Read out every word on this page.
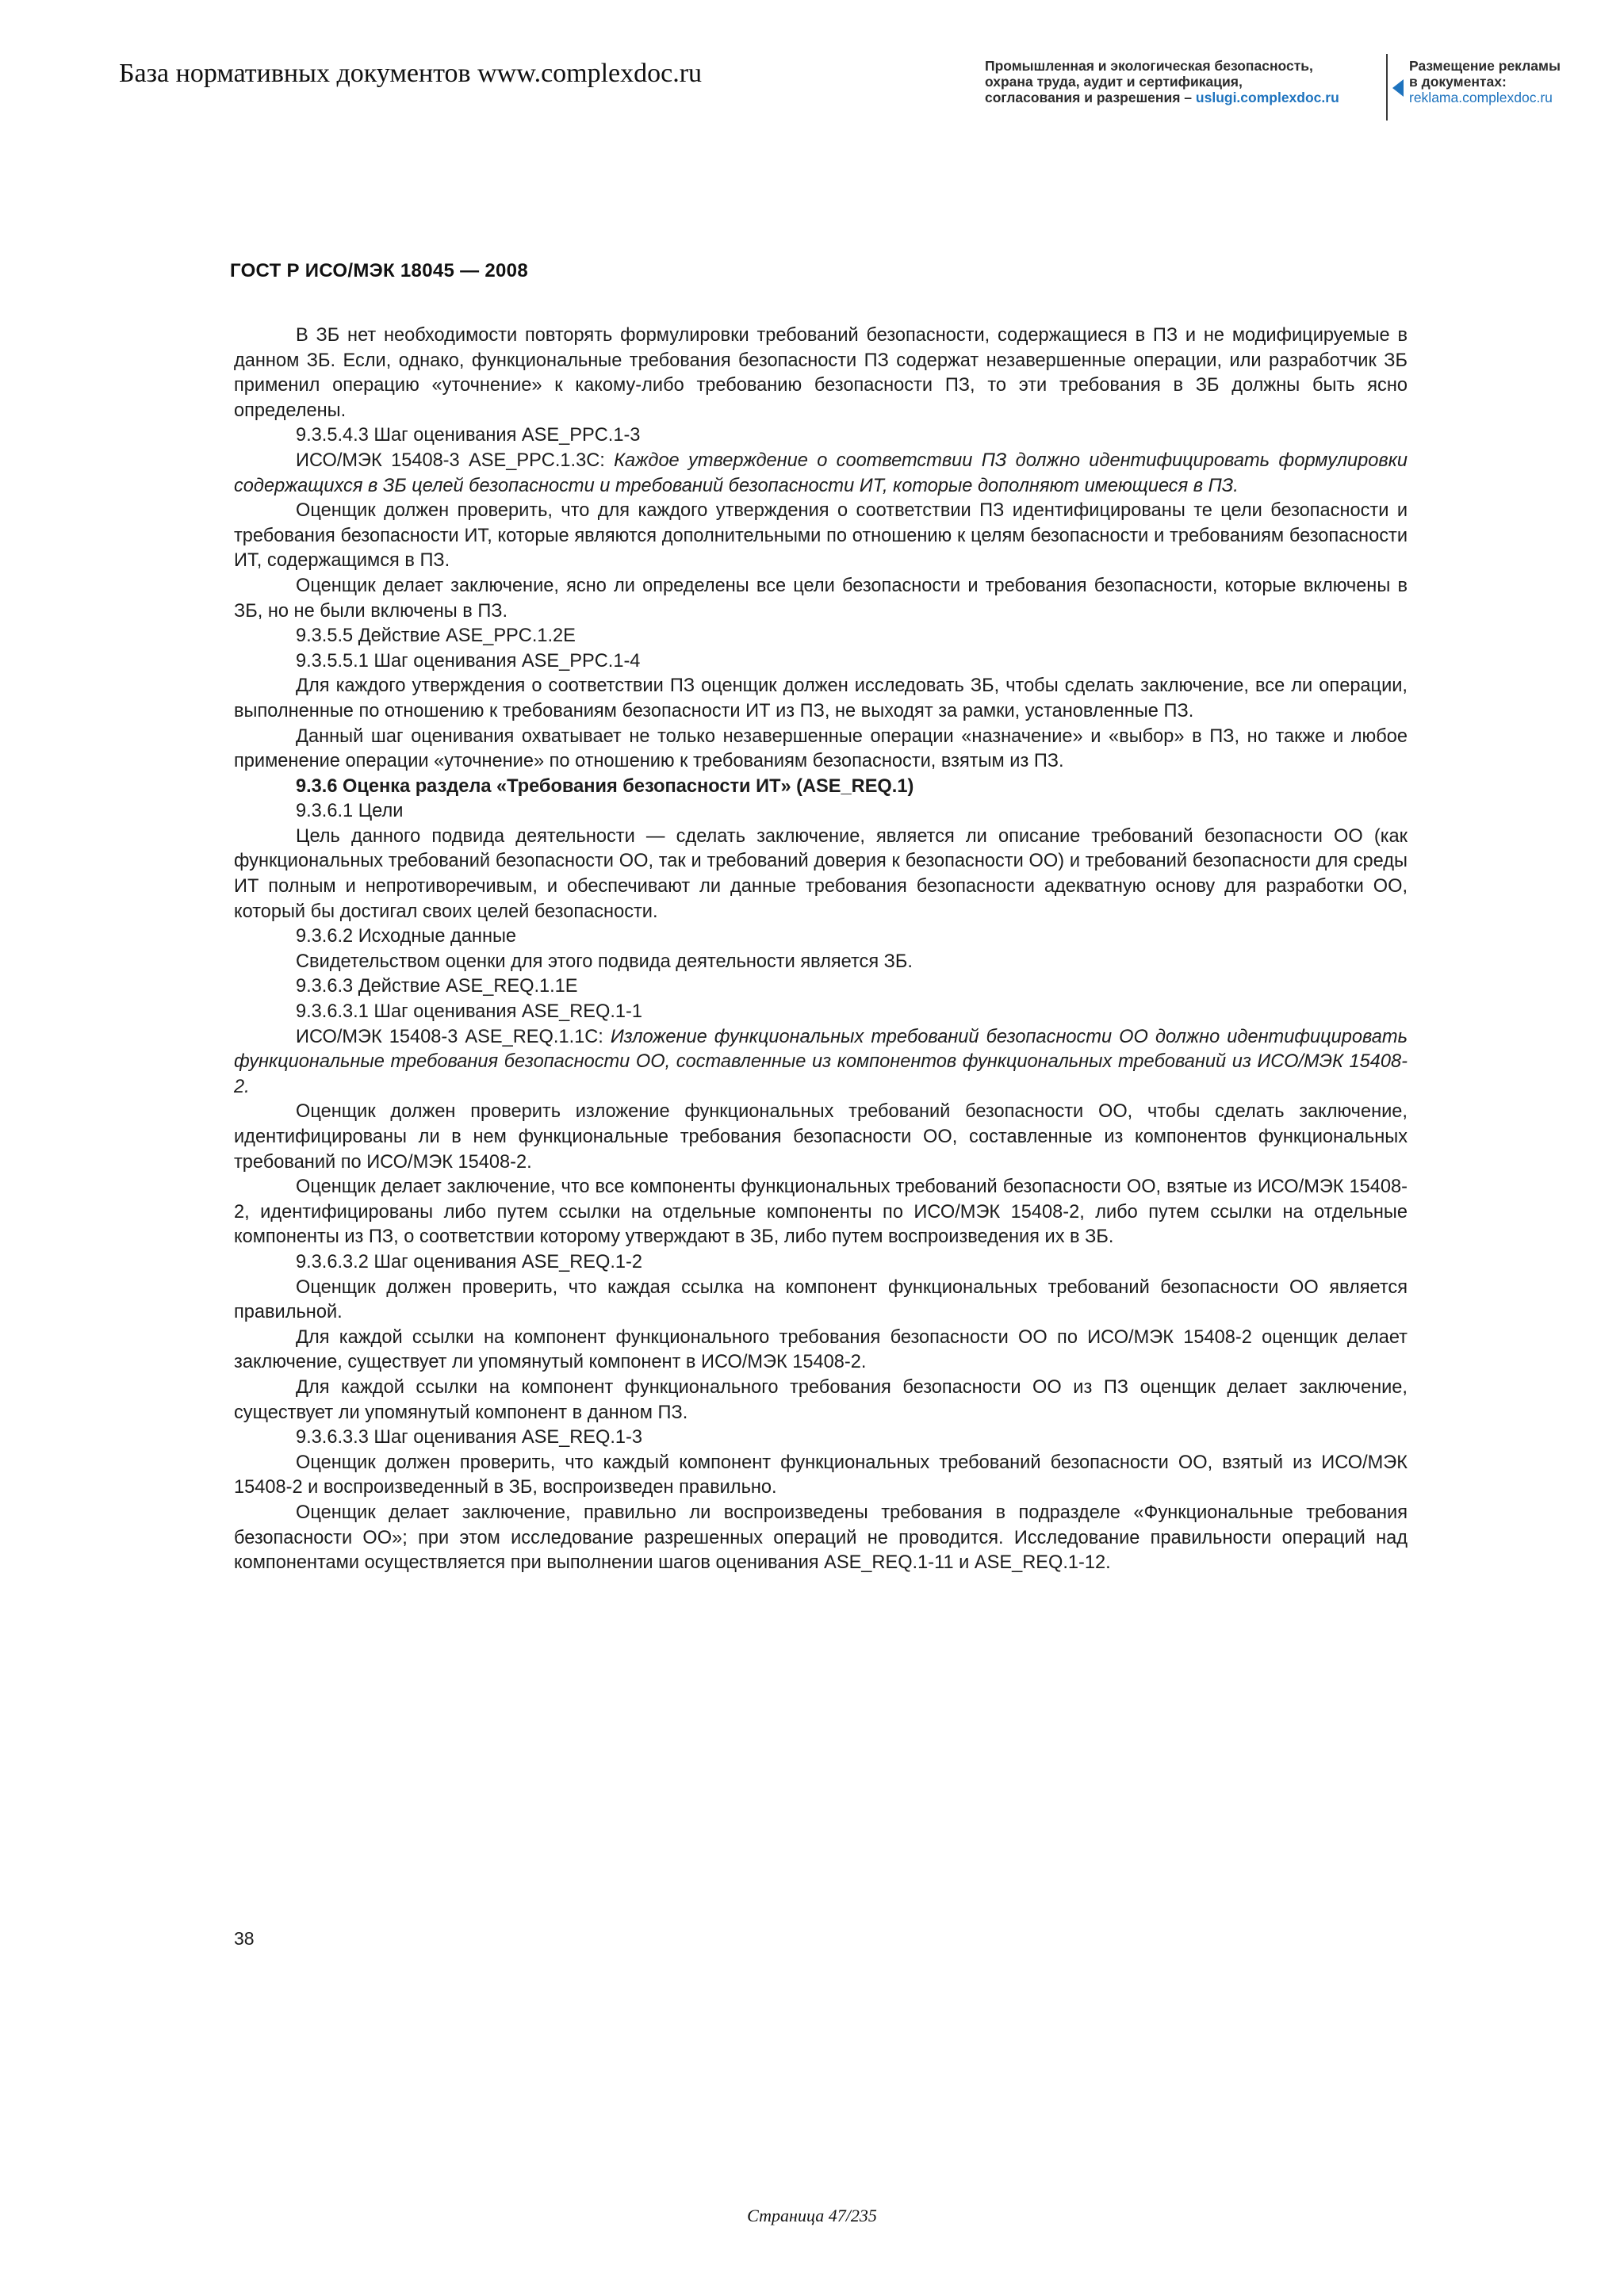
База нормативных документов www.complexdoc.ru	Промышленная и экологическая безопасность,
охрана труда, аудит и сертификация,
согласования и разрешения – uslugi.complexdoc.ru
Размещение рекламы
в документах:
reklama.complexdoc.ru
ГОСТ Р ИСО/МЭК 18045 — 2008

В ЗБ нет необходимости повторять формулировки требований безопасности, содержащиеся в ПЗ и не модифицируемые в данном ЗБ. Если, однако, функциональные требования безопасности ПЗ содержат незавершенные операции, или разработчик ЗБ применил операцию «уточнение» к какому-либо требованию безопасности ПЗ, то эти требования в ЗБ должны быть ясно определены.

9.3.5.4.3 Шаг оценивания ASE_PPC.1-3

ИСО/МЭК 15408-3 ASE_PPC.1.3C: Каждое утверждение о соответствии ПЗ должно идентифицировать формулировки содержащихся в ЗБ целей безопасности и требований безопасности ИТ, которые дополняют имеющиеся в ПЗ.

Оценщик должен проверить, что для каждого утверждения о соответствии ПЗ идентифицированы те цели безопасности и требования безопасности ИТ, которые являются дополнительными по отношению к целям безопасности и требованиям безопасности ИТ, содержащимся в ПЗ.

Оценщик делает заключение, ясно ли определены все цели безопасности и требования безопасности, которые включены в ЗБ, но не были включены в ПЗ.

9.3.5.5 Действие ASE_PPC.1.2E

9.3.5.5.1 Шаг оценивания ASE_PPC.1-4

Для каждого утверждения о соответствии ПЗ оценщик должен исследовать ЗБ, чтобы сделать заключение, все ли операции, выполненные по отношению к требованиям безопасности ИТ из ПЗ, не выходят за рамки, установленные ПЗ.

Данный шаг оценивания охватывает не только незавершенные операции «назначение» и «выбор» в ПЗ, но также и любое применение операции «уточнение» по отношению к требованиям безопасности, взятым из ПЗ.

9.3.6 Оценка раздела «Требования безопасности ИТ» (ASE_REQ.1)

9.3.6.1 Цели

Цель данного подвида деятельности — сделать заключение, является ли описание требований безопасности ОО (как функциональных требований безопасности ОО, так и требований доверия к безопасности ОО) и требований безопасности для среды ИТ полным и непротиворечивым, и обеспечивают ли данные требования безопасности адекватную основу для разработки ОО, который бы достигал своих целей безопасности.

9.3.6.2 Исходные данные

Свидетельством оценки для этого подвида деятельности является ЗБ.

9.3.6.3 Действие ASE_REQ.1.1E

9.3.6.3.1 Шаг оценивания ASE_REQ.1-1

ИСО/МЭК 15408-3 ASE_REQ.1.1C: Изложение функциональных требований безопасности ОО должно идентифицировать функциональные требования безопасности ОО, составленные из компонентов функциональных требований из ИСО/МЭК 15408-2.

Оценщик должен проверить изложение функциональных требований безопасности ОО, чтобы сделать заключение, идентифицированы ли в нем функциональные требования безопасности ОО, составленные из компонентов функциональных требований по ИСО/МЭК 15408-2.

Оценщик делает заключение, что все компоненты функциональных требований безопасности ОО, взятые из ИСО/МЭК 15408-2, идентифицированы либо путем ссылки на отдельные компоненты по ИСО/МЭК 15408-2, либо путем ссылки на отдельные компоненты из ПЗ, о соответствии которому утверждают в ЗБ, либо путем воспроизведения их в ЗБ.

9.3.6.3.2 Шаг оценивания ASE_REQ.1-2

Оценщик должен проверить, что каждая ссылка на компонент функциональных требований безопасности ОО является правильной.

Для каждой ссылки на компонент функционального требования безопасности ОО по ИСО/МЭК 15408-2 оценщик делает заключение, существует ли упомянутый компонент в ИСО/МЭК 15408-2.

Для каждой ссылки на компонент функционального требования безопасности ОО из ПЗ оценщик делает заключение, существует ли упомянутый компонент в данном ПЗ.

9.3.6.3.3 Шаг оценивания ASE_REQ.1-3

Оценщик должен проверить, что каждый компонент функциональных требований безопасности ОО, взятый из ИСО/МЭК 15408-2 и воспроизведенный в ЗБ, воспроизведен правильно.

Оценщик делает заключение, правильно ли воспроизведены требования в подразделе «Функциональные требования безопасности ОО»; при этом исследование разрешенных операций не проводится. Исследование правильности операций над компонентами осуществляется при выполнении шагов оценивания ASE_REQ.1-11 и ASE_REQ.1-12.

38
Страница 47/235
